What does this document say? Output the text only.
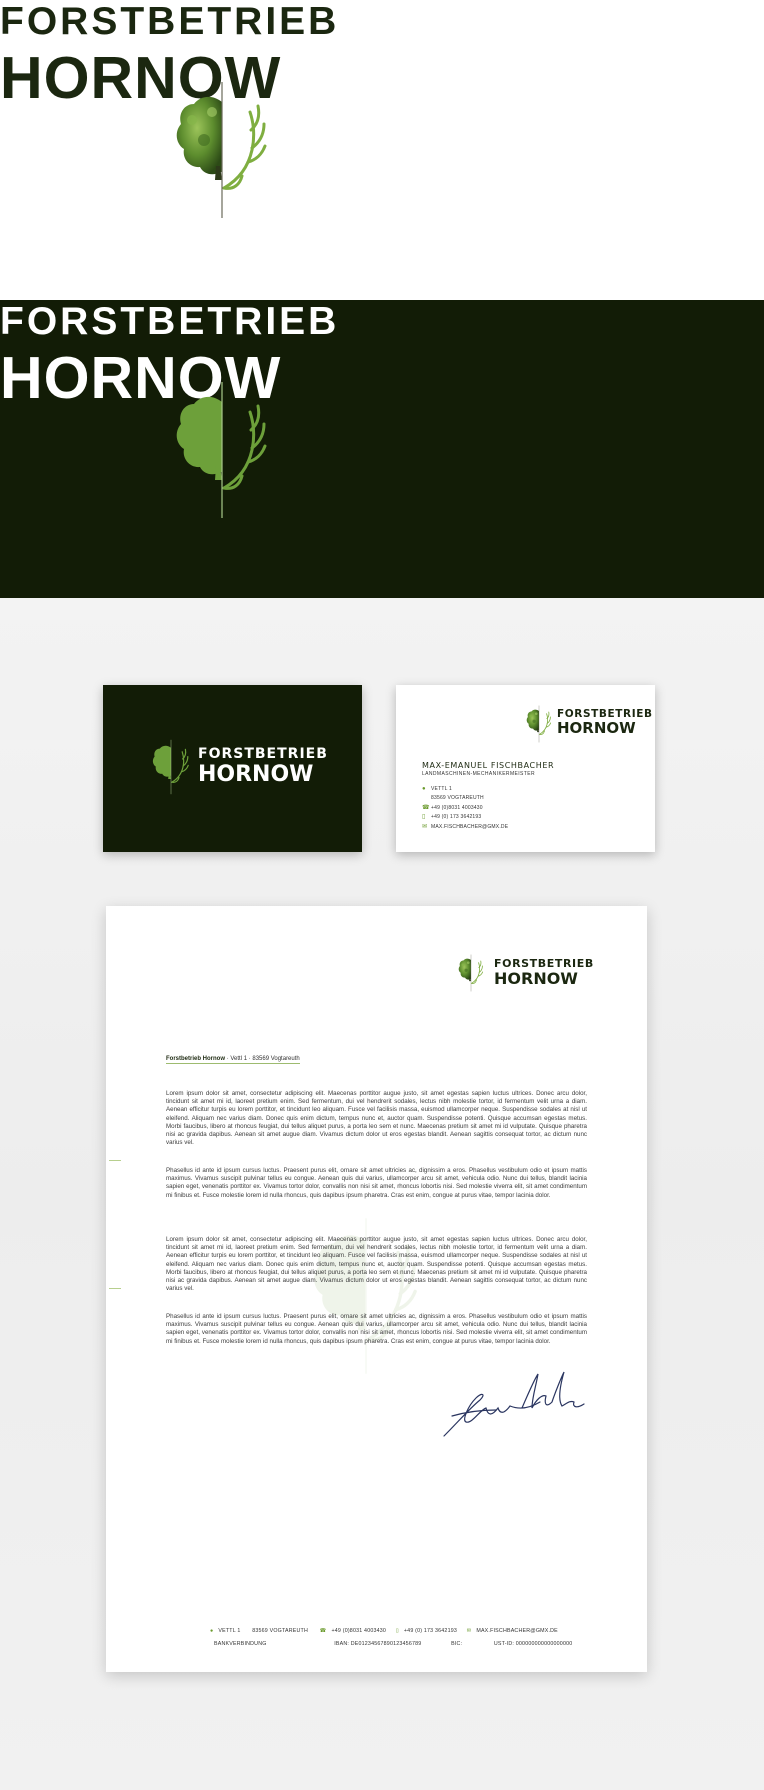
FORSTBETRIEB
HORNOW
FORSTBETRIEB
HORNOW
FORSTBETRIEB
HORNOW
FORSTBETRIEB
HORNOW
MAX-EMANUEL FISCHBACHER
LANDMASCHINEN-MECHANIKERMEISTER
●	VETTL 1
83569 VOGTAREUTH
☎ +49 (0)8031 4003430
▯	+49 (0) 173 3642193
✉ MAX.FISCHBACHER@GMX.DE
FORSTBETRIEB
HORNOW
Forstbetrieb Hornow · Vettl 1 · 83569 Vogtareuth

Lorem ipsum dolor sit amet, consectetur adipiscing elit. Maecenas porttitor augue justo, sit amet egestas sapien luctus ultrices. Donec arcu dolor, tincidunt sit amet mi id, laoreet pretium enim. Sed fermentum, dui vel hendrerit sodales, lectus nibh molestie tortor, id fermentum velit urna a diam. Aenean efficitur turpis eu lorem porttitor, et tincidunt leo aliquam. Fusce vel facilisis massa, euismod ullamcorper neque. Suspendisse sodales at nisl ut eleifend. Aliquam nec varius diam. Donec quis enim dictum, tempus nunc et, auctor quam. Suspendisse potenti. Quisque accumsan egestas metus. Morbi faucibus, libero at rhoncus feugiat, dui tellus aliquet purus, a porta leo sem et nunc. Maecenas pretium sit amet mi id vulputate. Quisque pharetra nisi ac gravida dapibus. Aenean sit amet augue diam. Vivamus dictum dolor ut eros egestas blandit. Aenean sagittis consequat tortor, ac dictum nunc varius vel.

Phasellus id ante id ipsum cursus luctus. Praesent purus elit, ornare sit amet ultricies ac, dignissim a eros. Phasellus vestibulum odio et ipsum mattis maximus. Vivamus suscipit pulvinar tellus eu congue. Aenean quis dui varius, ullamcorper arcu sit amet, vehicula odio. Nunc dui tellus, blandit lacinia sapien eget, venenatis porttitor ex. Vivamus tortor dolor, convallis non nisi sit amet, rhoncus lobortis nisi. Sed molestie viverra elit, sit amet condimentum mi finibus et. Fusce molestie lorem id nulla rhoncus, quis dapibus ipsum pharetra. Cras est enim, congue at purus vitae, tempor lacinia dolor.

Lorem ipsum dolor sit amet, consectetur adipiscing elit. Maecenas porttitor augue justo, sit amet egestas sapien luctus ultrices. Donec arcu dolor, tincidunt sit amet mi id, laoreet pretium enim. Sed fermentum, dui vel hendrerit sodales, lectus nibh molestie tortor, id fermentum velit urna a diam. Aenean efficitur turpis eu lorem porttitor, et tincidunt leo aliquam. Fusce vel facilisis massa, euismod ullamcorper neque. Suspendisse sodales at nisl ut eleifend. Aliquam nec varius diam. Donec quis enim dictum, tempus nunc et, auctor quam. Suspendisse potenti. Quisque accumsan egestas metus. Morbi faucibus, libero at rhoncus feugiat, dui tellus aliquet purus, a porta leo sem et nunc. Maecenas pretium sit amet mi id vulputate. Quisque pharetra nisi ac gravida dapibus. Aenean sit amet augue diam. Vivamus dictum dolor ut eros egestas blandit. Aenean sagittis consequat tortor, ac dictum nunc varius vel.

Phasellus id ante id ipsum cursus luctus. Praesent purus elit, ornare sit amet ultricies ac, dignissim a eros. Phasellus vestibulum odio et ipsum mattis maximus. Vivamus suscipit pulvinar tellus eu congue. Aenean quis dui varius, ullamcorper arcu sit amet, vehicula odio. Nunc dui tellus, blandit lacinia sapien eget, venenatis porttitor ex. Vivamus tortor dolor, convallis non nisi sit amet, rhoncus lobortis nisi. Sed molestie viverra elit, sit amet condimentum mi finibus et. Fusce molestie lorem id nulla rhoncus, quis dapibus ipsum pharetra. Cras est enim, congue at purus vitae, tempor lacinia dolor.

● VETTL 1 83569 VOGTAREUTH ☎ +49 (0)8031 4003430 ▯ +49 (0) 173 3642193 ✉ MAX.FISCHBACHER@GMX.DE
BANKVERBINDUNG	IBAN: DE01234567890123456789	BIC:	UST-ID: 000000000000000000
